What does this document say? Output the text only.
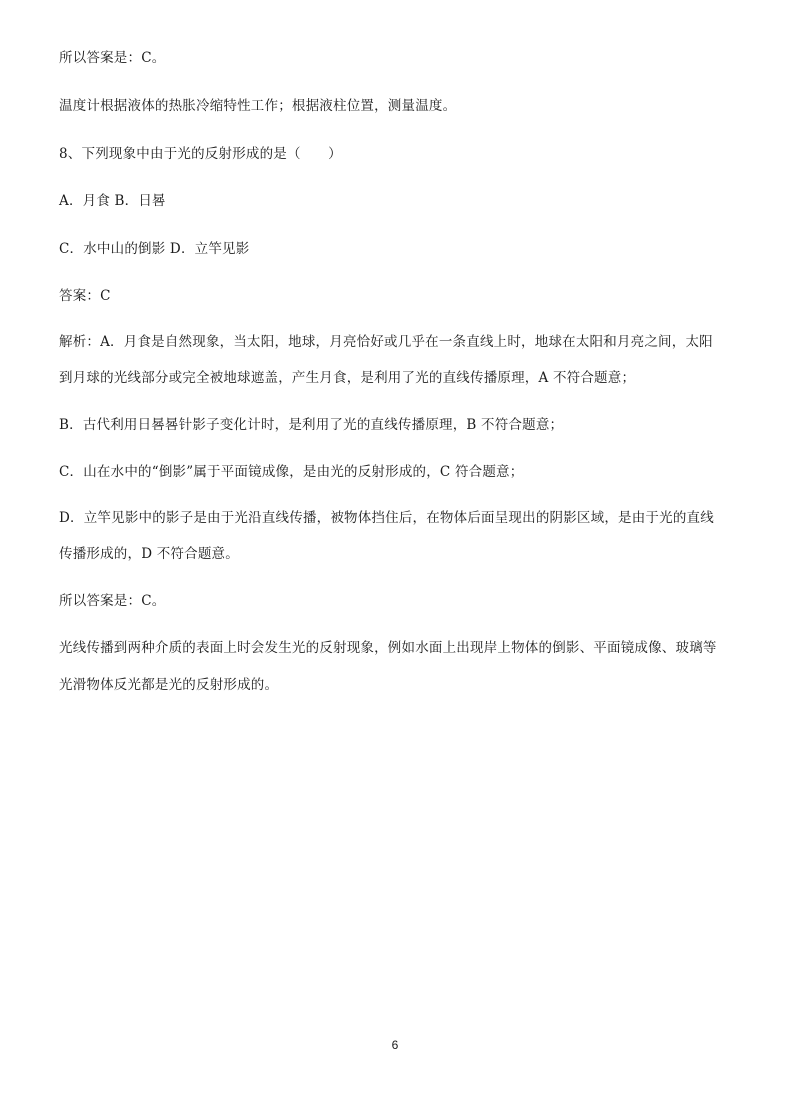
所以答案是：C。
温度计根据液体的热胀冷缩特性工作；根据液柱位置，测量温度。
8、下列现象中由于光的反射形成的是（　　）
A．月食 B．日晷
C．水中山的倒影 D．立竿见影
答案：C
解析：A．月食是自然现象，当太阳，地球，月亮恰好或几乎在一条直线上时，地球在太阳和月亮之间，太阳
到月球的光线部分或完全被地球遮盖，产生月食，是利用了光的直线传播原理，A 不符合题意；
B．古代利用日晷晷针影子变化计时，是利用了光的直线传播原理，B 不符合题意；
C．山在水中的“倒影”属于平面镜成像，是由光的反射形成的，C 符合题意；
D．立竿见影中的影子是由于光沿直线传播，被物体挡住后，在物体后面呈现出的阴影区域，是由于光的直线
传播形成的，D 不符合题意。
所以答案是：C。
光线传播到两种介质的表面上时会发生光的反射现象，例如水面上出现岸上物体的倒影、平面镜成像、玻璃等
光滑物体反光都是光的反射形成的。
6
